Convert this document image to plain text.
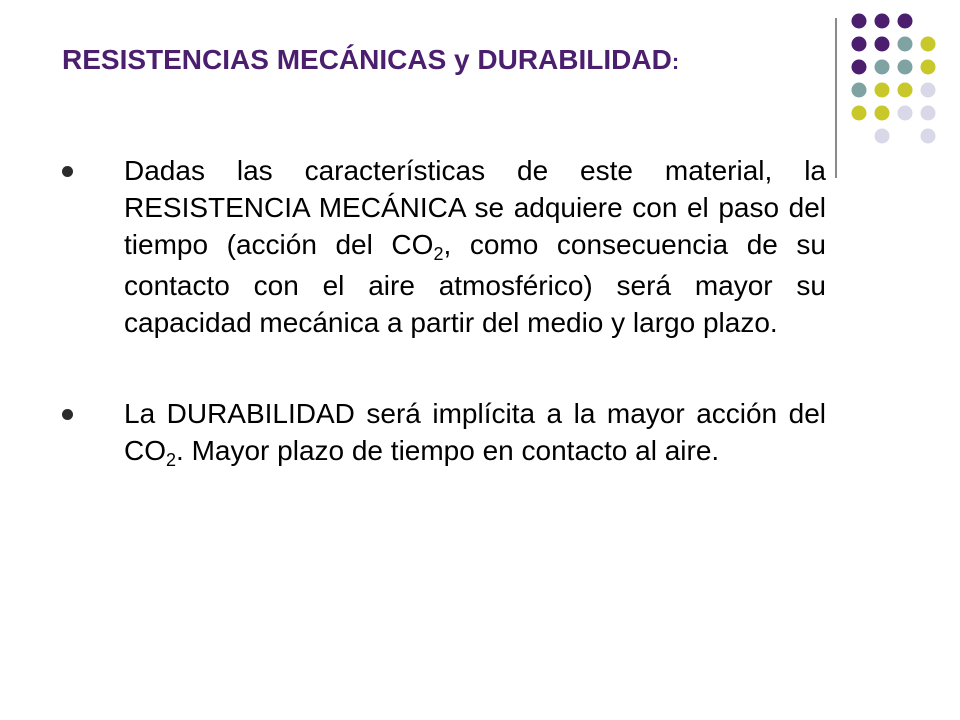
RESISTENCIAS MECÁNICAS y DURABILIDAD:
Dadas las características de este material, la RESISTENCIA MECÁNICA se adquiere con el paso del tiempo (acción del $CO_2$, como consecuencia de su contacto con el aire atmosférico) será mayor su capacidad mecánica a partir del medio y largo plazo.
La DURABILIDAD será implícita a la mayor acción del $CO_2$. Mayor plazo de tiempo en contacto al aire.
